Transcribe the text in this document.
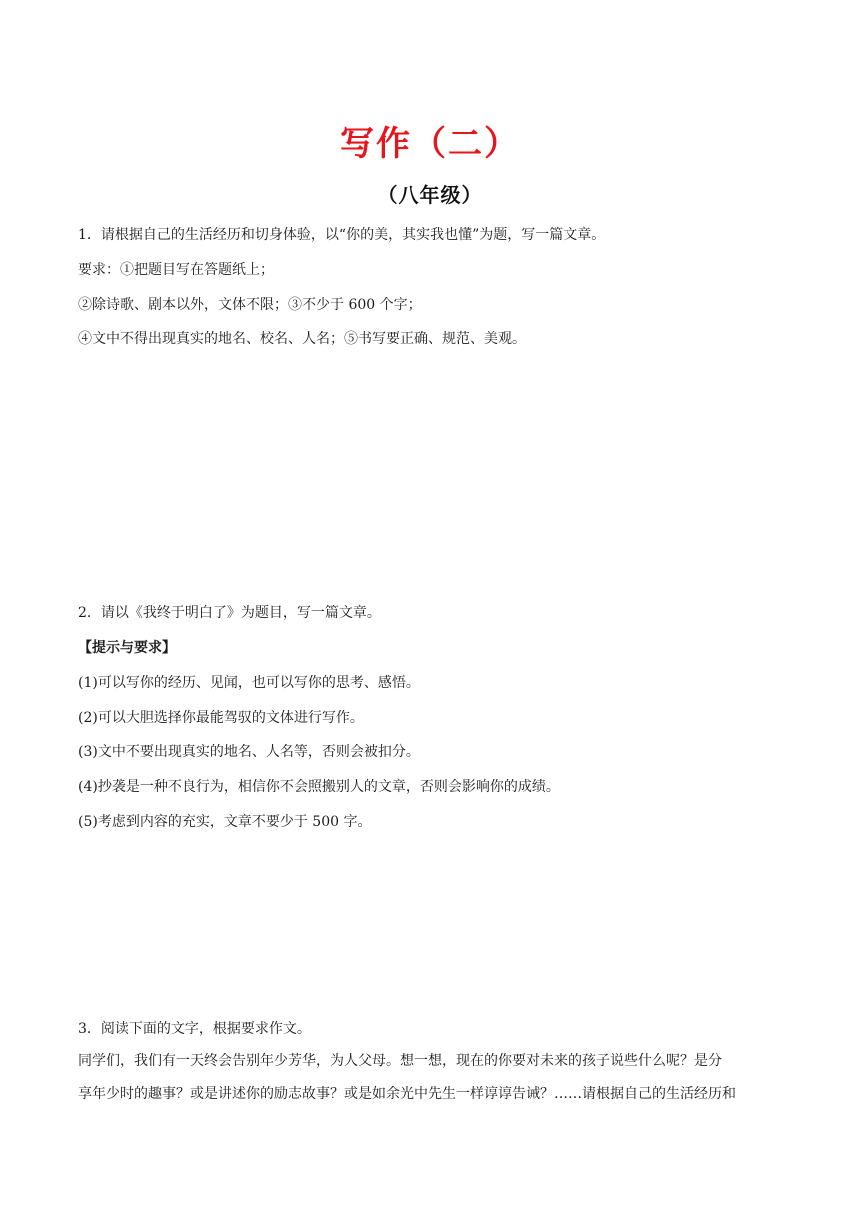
写作（二）
（八年级）
1．请根据自己的生活经历和切身体验，以“你的美，其实我也懂”为题，写一篇文章。
要求：①把题目写在答题纸上；
②除诗歌、剧本以外，文体不限；③不少于 600 个字；
④文中不得出现真实的地名、校名、人名；⑤书写要正确、规范、美观。
2．请以《我终于明白了》为题目，写一篇文章。
【提示与要求】
(1)可以写你的经历、见闻，也可以写你的思考、感悟。
(2)可以大胆选择你最能驾驭的文体进行写作。
(3)文中不要出现真实的地名、人名等，否则会被扣分。
(4)抄袭是一种不良行为，相信你不会照搬别人的文章，否则会影响你的成绩。
(5)考虑到内容的充实，文章不要少于 500 字。
3．阅读下面的文字，根据要求作文。
同学们，我们有一天终会告别年少芳华，为人父母。想一想，现在的你要对未来的孩子说些什么呢？是分
享年少时的趣事？或是讲述你的励志故事？或是如余光中先生一样谆谆告诫？……请根据自己的生活经历和
